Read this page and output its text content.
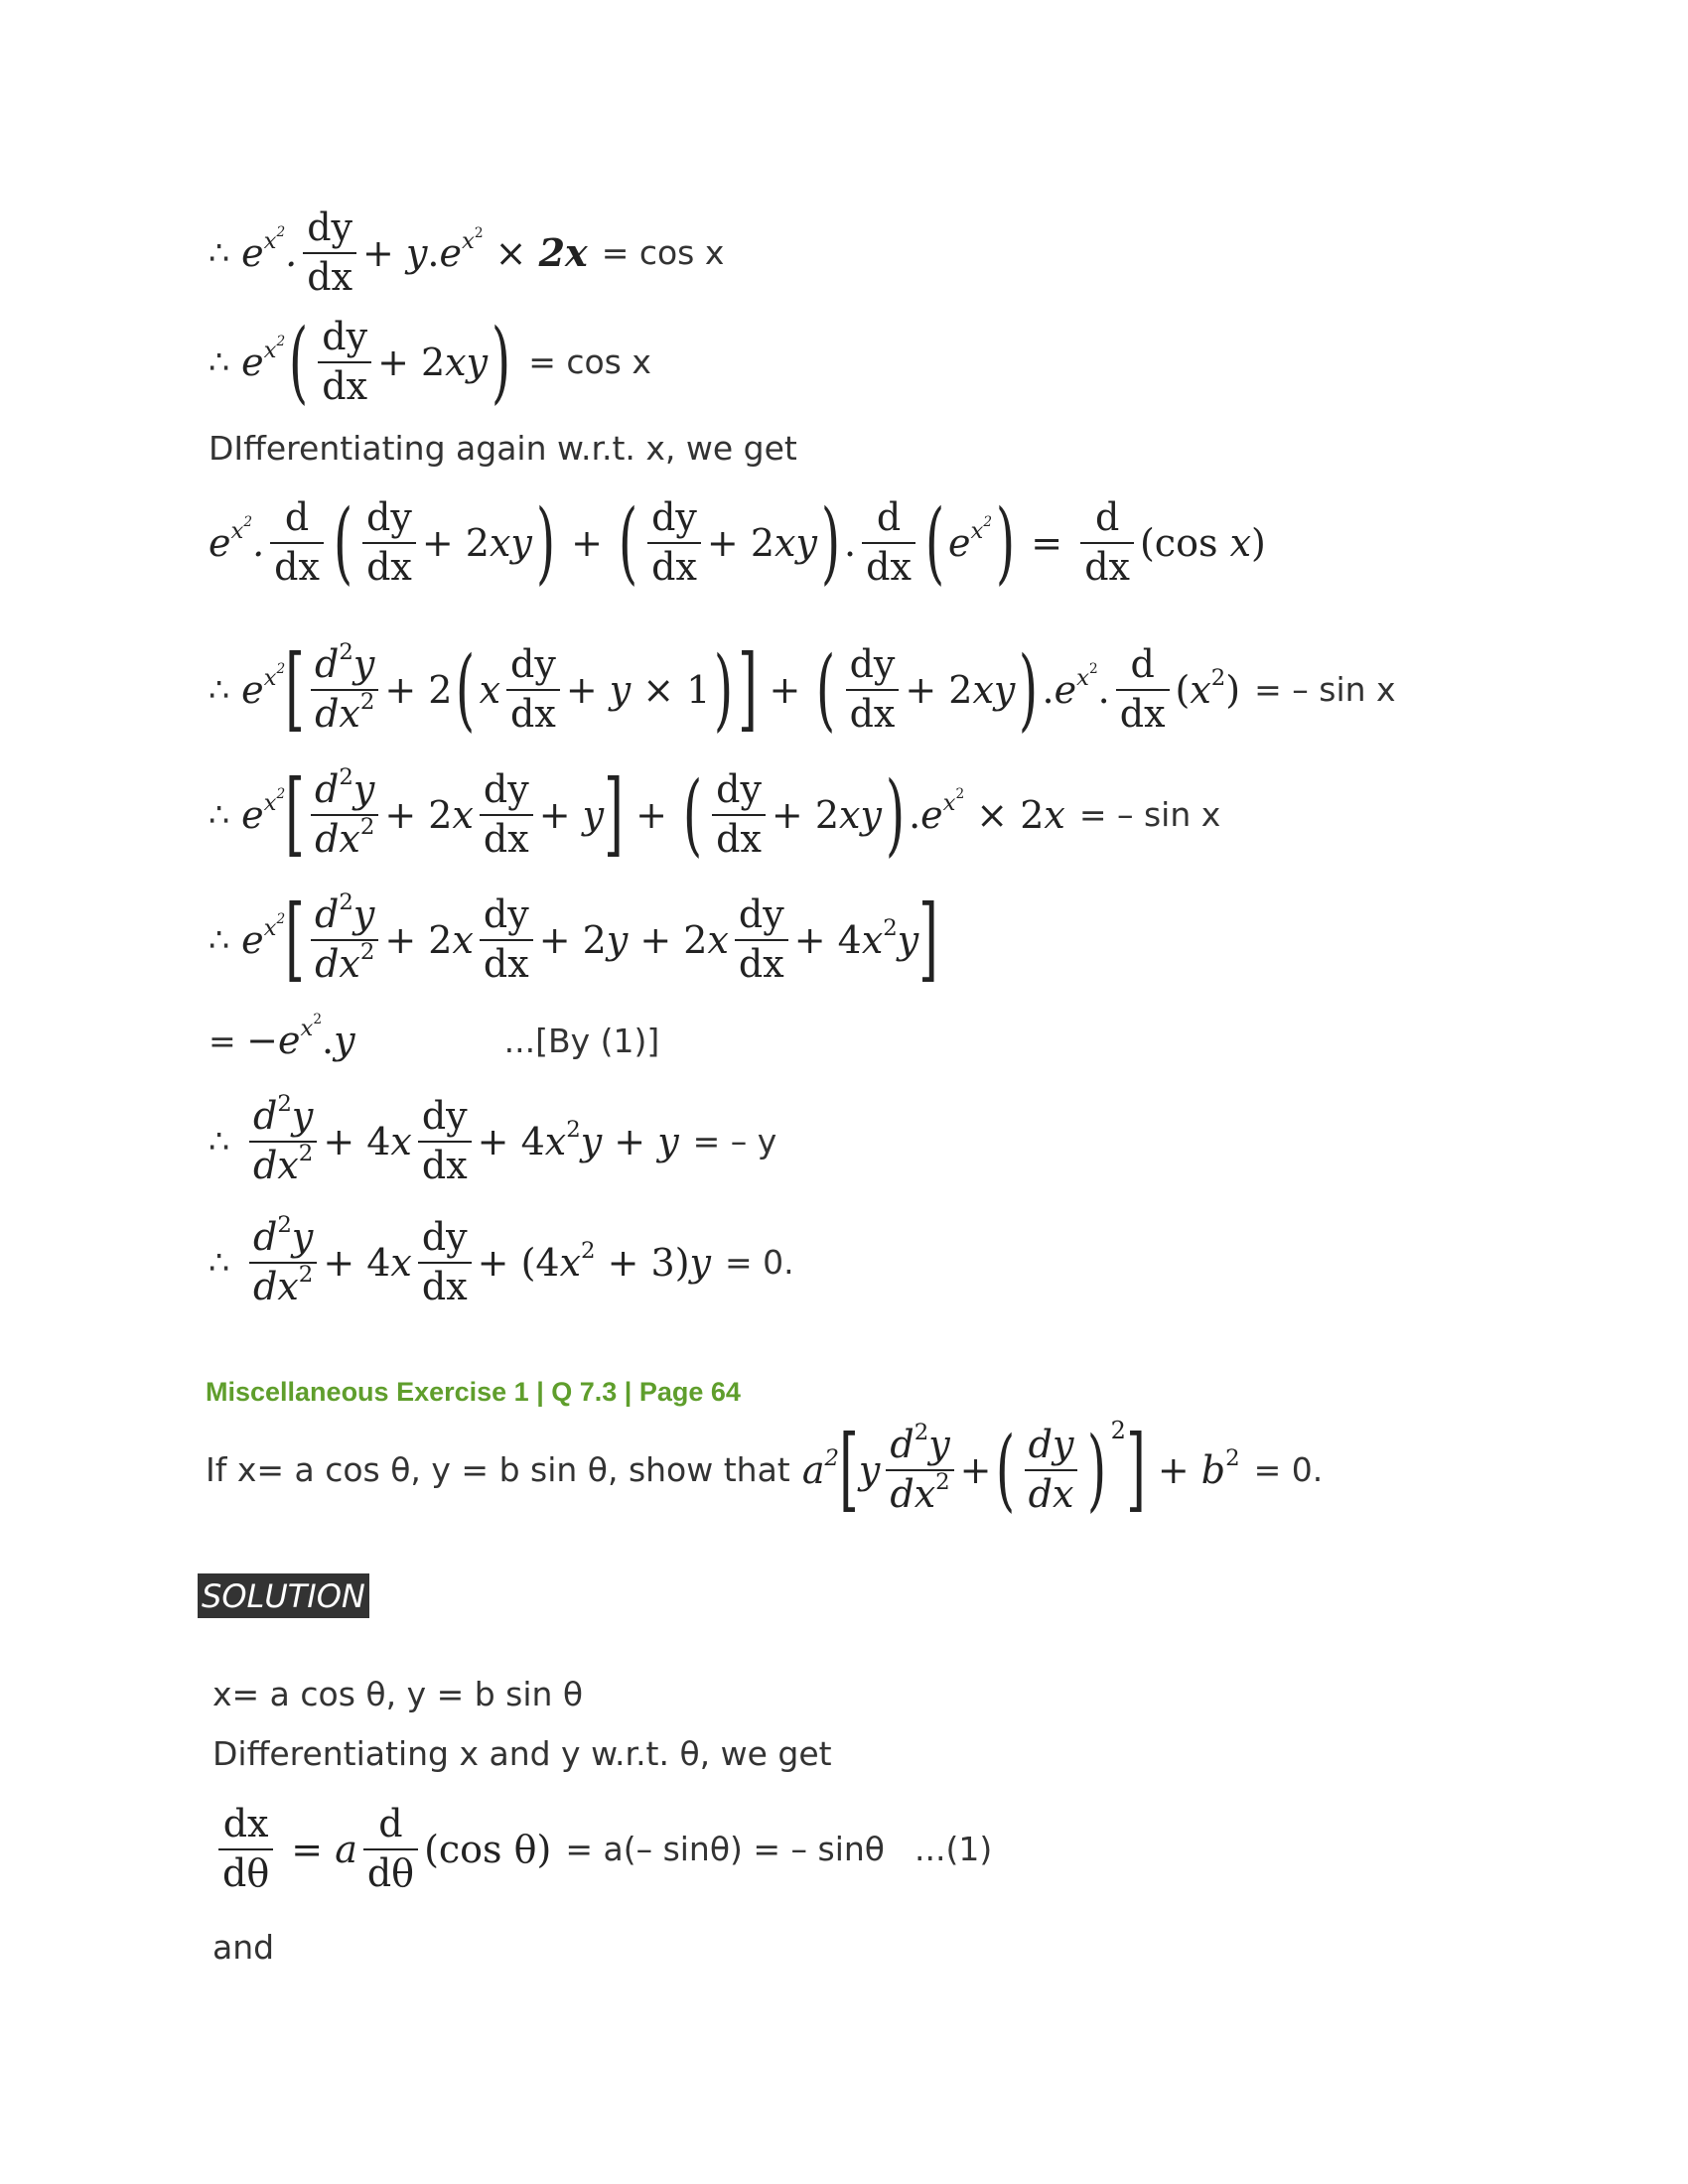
∴ $e^{x^2}$. $\frac{dy}{dx} + y.e^{x^2} \times 2x = \cos x$
∴ $e^{x^2}$ ( $\frac{dy}{dx} + 2xy$ ) = cos x
DIfferentiating again w.r.t. x, we get
$e^{x^2}$. $\frac{d}{dx}$ ( $\frac{dy}{dx} + 2xy$ ) + ( $\frac{dy}{dx} + 2xy$ ) . $\frac{d}{dx}$ ( $e^{x^2}$ ) = $\frac{d}{dx} (\cos$ x)
∴ $e^{x^2}$ [ $\frac{d^2y}{dx^2} + 2$ ( x $\frac{dy}{dx} + y \times 1$ ) ] + ( $\frac{dy}{dx} + 2xy$ ) $.e^{x^2}$. $\frac{d}{dx} (x^2)$ = – sin x
∴ $e^{x^2}$ [ $\frac{d^2y}{dx^2} + 2x \frac{dy}{dx} + y$ ] + ( $\frac{dy}{dx} + 2xy$ ) $.e^{x^2} \times 2x$ = – sin x
∴ $e^{x^2}$ [ $\frac{d^2y}{dx^2} + 2x \frac{dy}{dx} + 2y + 2x \frac{dy}{dx} + 4x^2y$ ]
= $-e^{x^2}.y$	...[By (1)]
∴ $\frac{d^2y}{dx^2} + 4x \frac{dy}{dx} + 4x^2y + y$ = – y
∴ $\frac{d^2y}{dx^2} + 4x \frac{dy}{dx} + (4x^2 + 3)y = 0$.
Miscellaneous Exercise 1 | Q 7.3 | Page 64
If x= a cos θ, y = b sin θ, show that $a^2$ [ y $\frac{d^2y}{dx^2}$ + ( $\frac{dy}{dx}$ ) 2 ] + $b^2 = 0$.
SOLUTION
x= a cos θ, y = b sin θ
Differentiating x and y w.r.t. θ, we get
$\frac{dx}{d\theta} = a \frac{d}{d\theta} (\cos$ θ) = a(– sinθ) = – sinθ ...(1)
and
